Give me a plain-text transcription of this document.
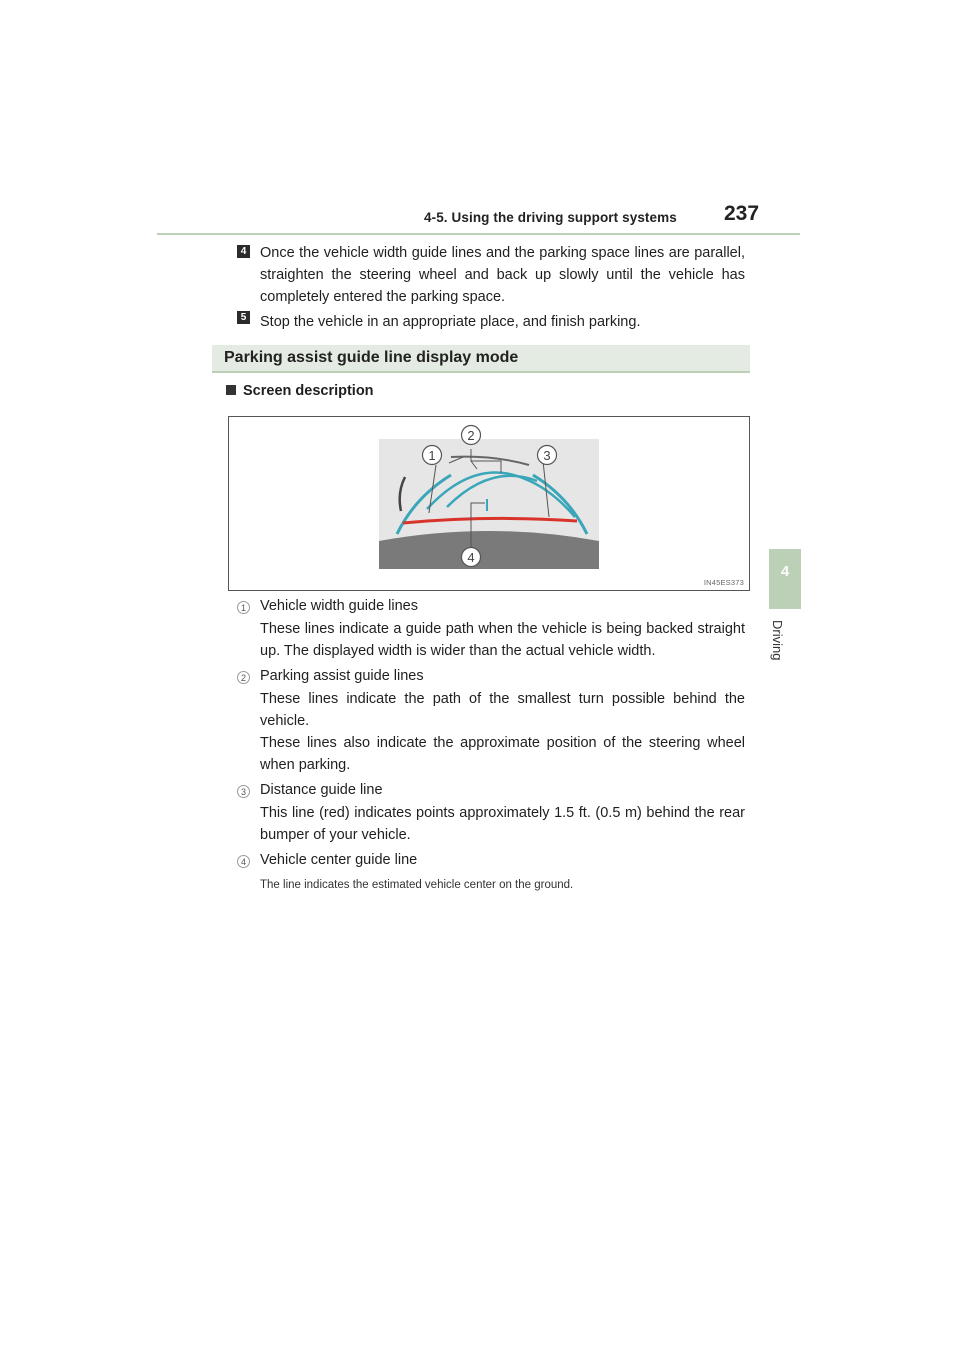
4-5. Using the driving support systems 237
4
Driving
4 Once the vehicle width guide lines and the parking space lines are parallel, straighten the steering wheel and back up slowly until the vehicle has completely entered the parking space.
5 Stop the vehicle in an appropriate place, and finish parking.
Parking assist guide line display mode
Screen description
1
2
3
4
IN45ES373
1 Vehicle width guide lines
These lines indicate a guide path when the vehicle is being backed straight up. The displayed width is wider than the actual vehicle width.
2 Parking assist guide lines
These lines indicate the path of the smallest turn possible behind the vehicle.
These lines also indicate the approximate position of the steering wheel when parking.
3 Distance guide line
This line (red) indicates points approximately 1.5 ft. (0.5 m) behind the rear bumper of your vehicle.
4 Vehicle center guide line
The line indicates the estimated vehicle center on the ground.
